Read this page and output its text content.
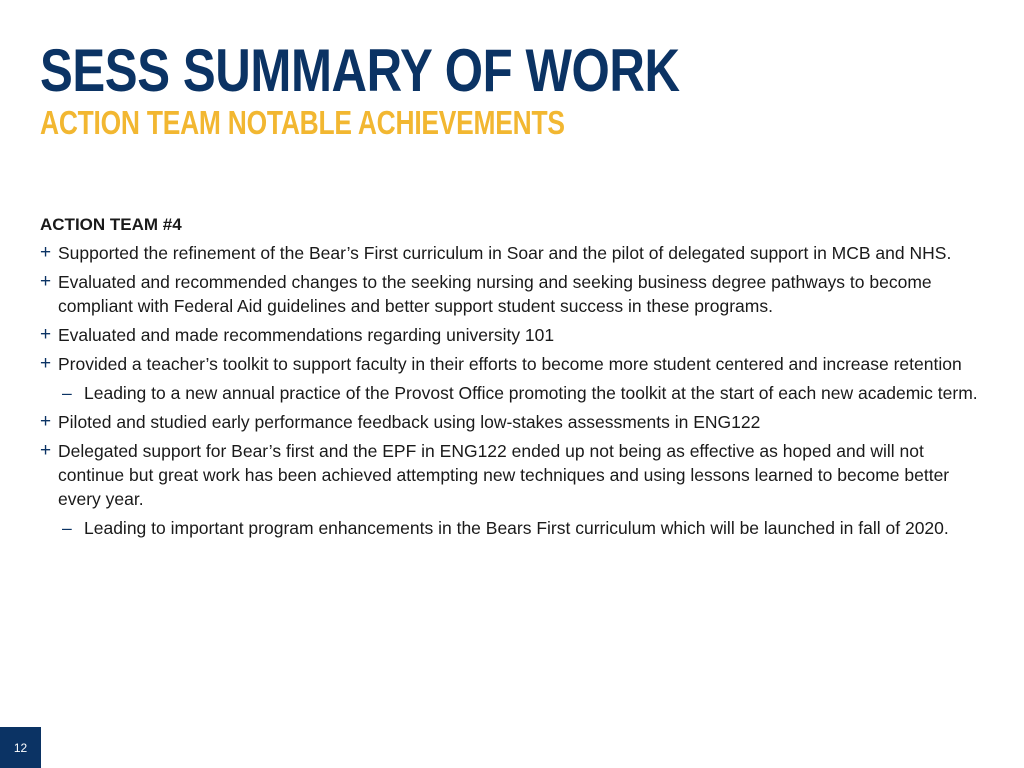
SESS SUMMARY OF WORK
ACTION TEAM NOTABLE ACHIEVEMENTS
ACTION TEAM #4
+ Supported the refinement of the Bear’s First curriculum in Soar and the pilot of delegated support in MCB and NHS.
+ Evaluated and recommended changes to the seeking nursing and seeking business degree pathways to become compliant with Federal Aid guidelines and better support student success in these programs.
+ Evaluated and made recommendations regarding university 101
+ Provided a teacher’s toolkit to support faculty in their efforts to become more student centered and increase retention
– Leading to a new annual practice of the Provost Office promoting the toolkit at the start of each new academic term.
+ Piloted and studied early performance feedback using low-stakes assessments in ENG122
+ Delegated support for Bear’s first and the EPF in ENG122 ended up not being as effective as hoped and will not continue but great work has been achieved attempting new techniques and using lessons learned to become better every year.
– Leading to important program enhancements in the Bears First curriculum which will be launched in fall of 2020.
12
